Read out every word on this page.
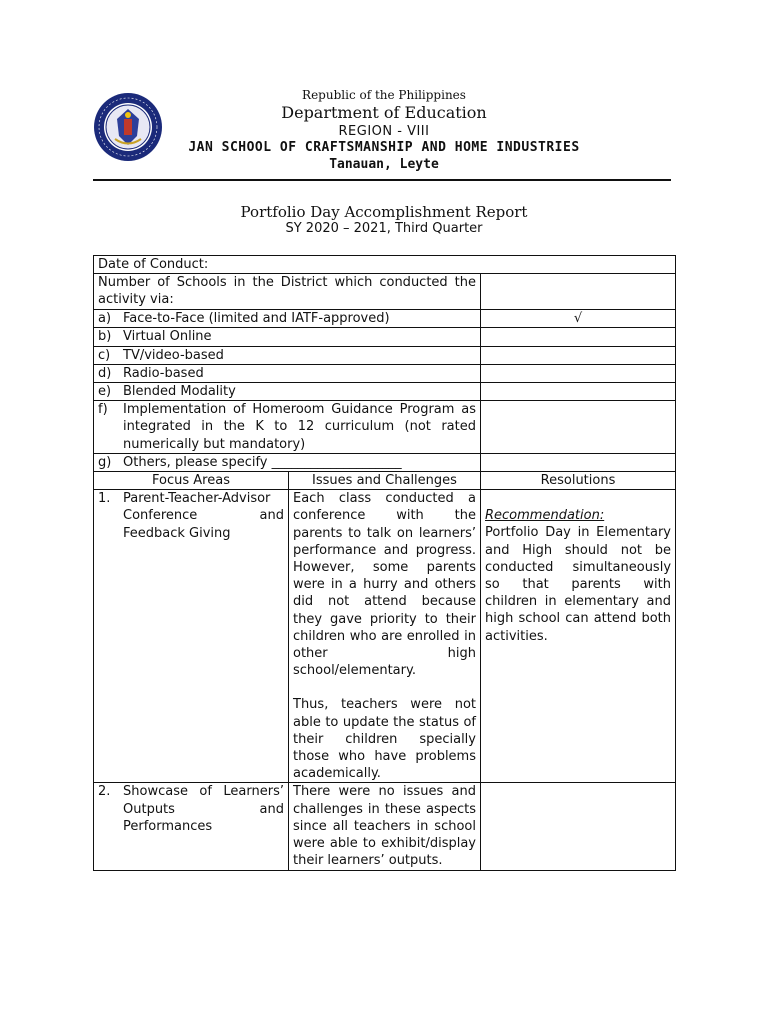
Republic of the Philippines
Department of Education
REGION - VIII
JAN SCHOOL OF CRAFTSMANSHIP AND HOME INDUSTRIES
Tanauan, Leyte
Portfolio Day Accomplishment Report
SY 2020 – 2021, Third Quarter
Date of Conduct:		
Number of Schools in the District which conducted the activity via:		

a) Face-to-Face (limited and IATF-approved)		√

b) Virtual Online		

c) TV/video-based		

d) Radio-based		

e) Blended Modality		

f) Implementation of Homeroom Guidance Program as integrated in the K to 12 curriculum (not rated numerically but mandatory)		

g) Others, please specify ____________________		

Focus Areas	Issues and Challenges	Resolutions

1. Parent-Teacher-Advisor Conference and Feedback Giving	Each class conducted a conference with the parents to talk on learners’ performance and progress. However, some parents were in a hurry and others did not attend because they gave priority to their children who are enrolled in other high school/elementary.
Thus, teachers were not able to update the status of their children specially those who have problems academically.	Recommendation:
Portfolio Day in Elementary and High should not be conducted simultaneously so that parents with children in elementary and high school can attend both activities.

2. Showcase of Learners’ Outputs and Performances	There were no issues and challenges in these aspects since all teachers in school were able to exhibit/display their learners’ outputs.	
